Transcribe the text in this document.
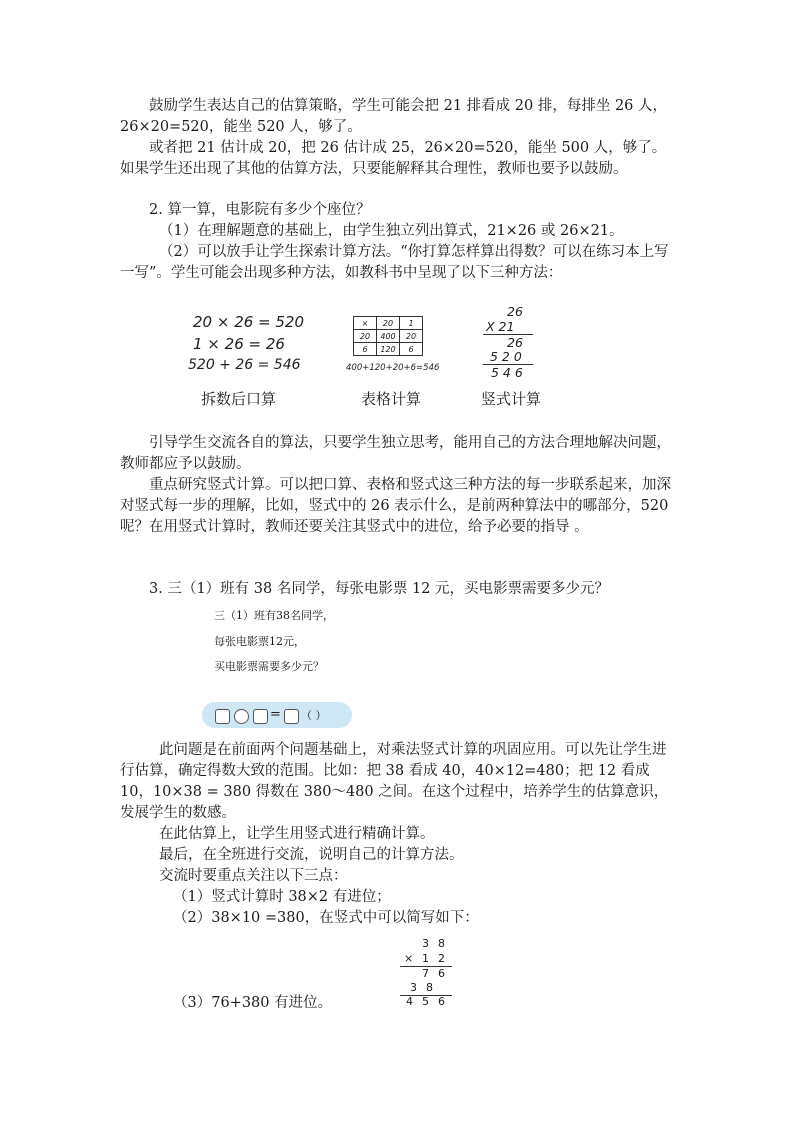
鼓励学生表达自己的估算策略，学生可能会把 21 排看成 20 排，每排坐 26 人，26×20=520，能坐 520 人，够了。

或者把 21 估计成 20，把 26 估计成 25，26×20=520，能坐 500 人，够了。如果学生还出现了其他的估算方法，只要能解释其合理性，教师也要予以鼓励。

2. 算一算，电影院有多少个座位？

（1）在理解题意的基础上，由学生独立列出算式，21×26 或 26×21。

（2）可以放手让学生探索计算方法。“你打算怎样算出得数？可以在练习本上写一写”。学生可能会出现多种方法，如教科书中呈现了以下三种方法：

20 × 26 = 520
1 × 26 = 26
520 + 26 = 546
拆数后口算
×	20	1
20	400	20
6	120	6
400+120+20+6=546
表格计算
26
X 21
26
5 2 0
5 4 6
竖式计算

引导学生交流各自的算法，只要学生独立思考，能用自己的方法合理地解决问题，教师都应予以鼓励。

重点研究竖式计算。可以把口算、表格和竖式这三种方法的每一步联系起来，加深对竖式每一步的理解，比如，竖式中的 26 表示什么，是前两种算法中的哪部分，520 呢？在用竖式计算时，教师还要关注其竖式中的进位，给予必要的指导 。

3. 三（1）班有 38 名同学，每张电影票 12 元，买电影票需要多少元？

三（1）班有38名同学，
每张电影票12元，
买电影票需要多少元？
= （ ）

此问题是在前面两个问题基础上，对乘法竖式计算的巩固应用。可以先让学生进行估算，确定得数大致的范围。比如：把 38 看成 40，40×12=480；把 12 看成 10，10×38 = 380 得数在 380～480 之间。在这个过程中，培养学生的估算意识，发展学生的数感。

在此估算上，让学生用竖式进行精确计算。

最后，在全班进行交流，说明自己的计算方法。

交流时要重点关注以下三点：

（1）竖式计算时 38×2 有进位；

（2）38×10 =380，在竖式中可以简写如下：

38
× 12
76
38
456

（3）76+380 有进位。
